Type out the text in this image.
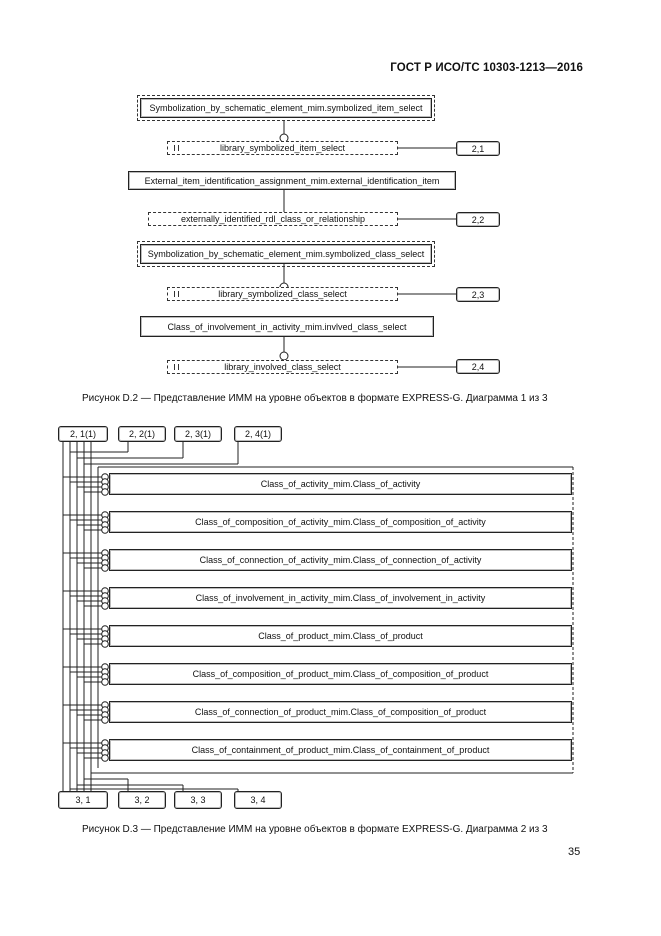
ГОСТ Р ИСО/ТС 10303-1213—2016
Symbolization_by_schematic_element_mim.symbolized_item_select
library_symbolized_item_select	2,1
External_item_identification_assignment_mim.external_identification_item
externally_identified_rdl_class_or_relationship	2,2
Symbolization_by_schematic_element_mim.symbolized_class_select
library_symbolized_class_select	2,3
Class_of_involvement_in_activity_mim.invlved_class_select
library_involved_class_select	2,4
Рисунок D.2 — Представление ИММ на уровне объектов в формате EXPRESS-G. Диаграмма 1 из 3
2, 1(1)	2, 2(1)	2, 3(1)	2, 4(1)
Class_of_activity_mim.Class_of_activity
Class_of_composition_of_activity_mim.Class_of_composition_of_activity
Class_of_connection_of_activity_mim.Class_of_connection_of_activity
Class_of_involvement_in_activity_mim.Class_of_involvement_in_activity
Class_of_product_mim.Class_of_product
Class_of_composition_of_product_mim.Class_of_composition_of_product
Class_of_connection_of_product_mim.Class_of_composition_of_product
Class_of_containment_of_product_mim.Class_of_containment_of_product
3, 1	3, 2	3, 3	3, 4
Рисунок D.3 — Представление ИММ на уровне объектов в формате EXPRESS-G. Диаграмма 2 из 3
35
